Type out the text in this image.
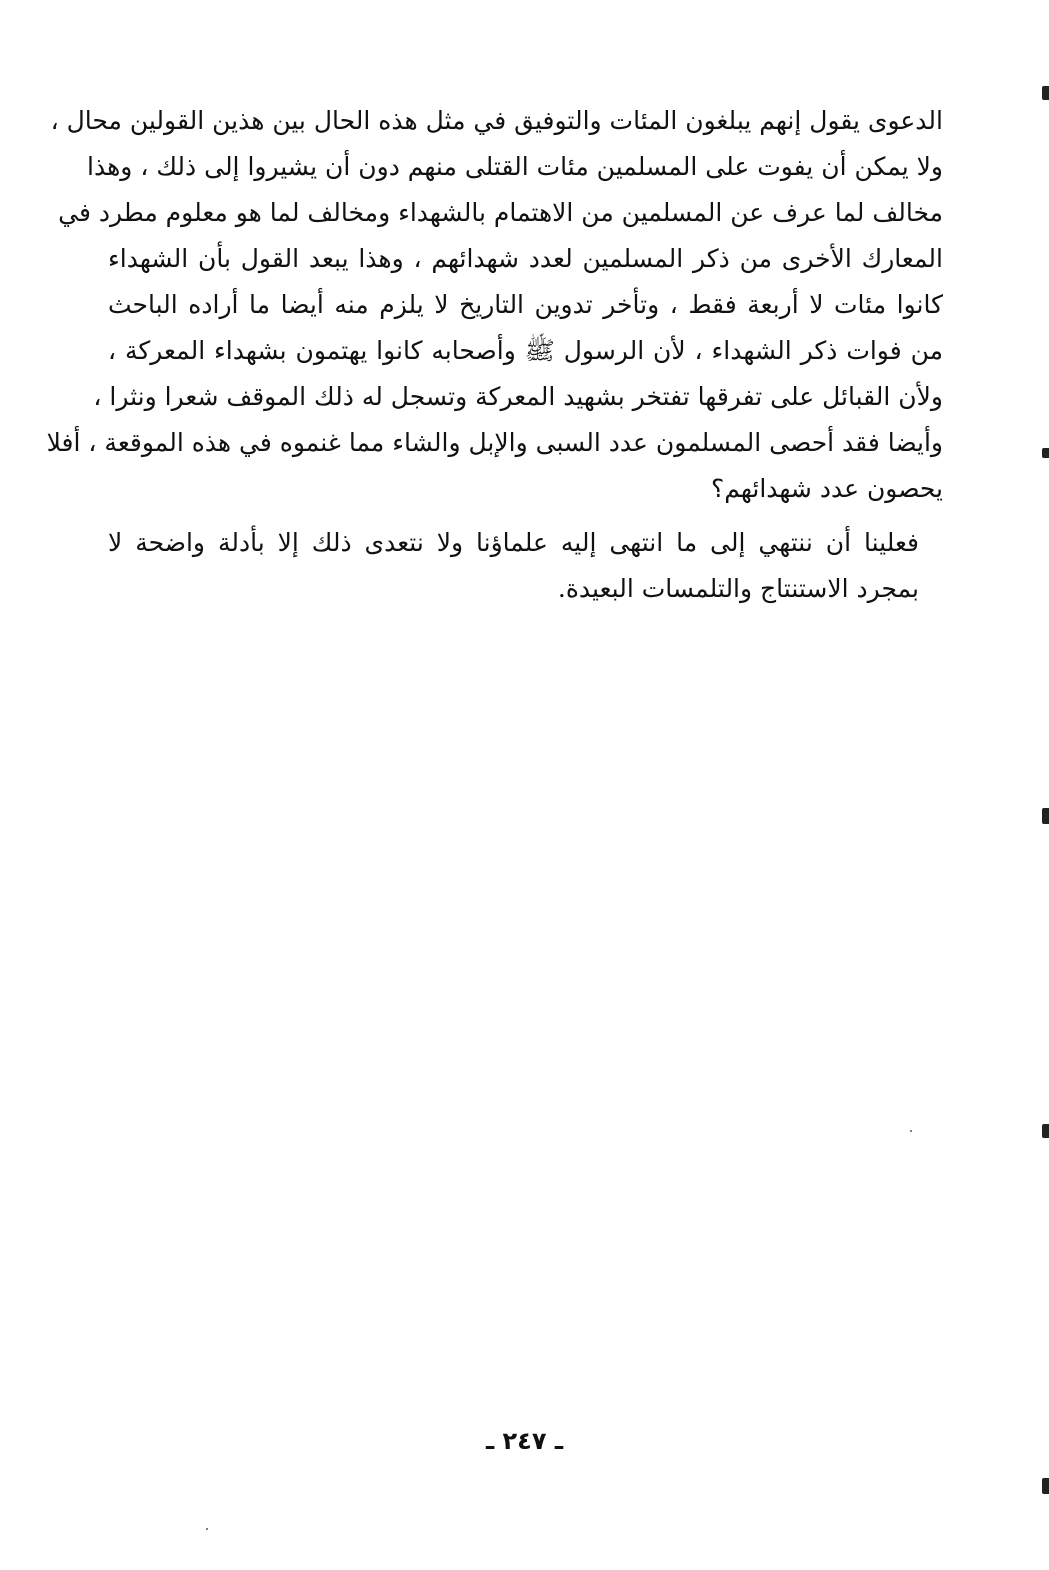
الدعوى يقول إنهم يبلغون المئات والتوفيق في مثل هذه الحال بين هذين القولين محال ،
ولا يمكن أن يفوت على المسلمين مئات القتلى منهم دون أن يشيروا إلى ذلك ، وهذا
مخالف لما عرف عن المسلمين من الاهتمام بالشهداء ومخالف لما هو معلوم مطرد في
المعارك الأخرى من ذكر المسلمين لعدد شهدائهم ، وهذا يبعد القول بأن الشهداء
كانوا مئات لا أربعة فقط ، وتأخر تدوين التاريخ لا يلزم منه أيضا ما أراده الباحث
من فوات ذكر الشهداء ، لأن الرسول ﷺ وأصحابه كانوا يهتمون بشهداء المعركة ،
ولأن القبائل على تفرقها تفتخر بشهيد المعركة وتسجل له ذلك الموقف شعرا ونثرا ،
وأيضا فقد أحصى المسلمون عدد السبى والإبل والشاء مما غنموه في هذه الموقعة ، أفلا
يحصون عدد شهدائهم؟

فعلينا أن ننتهي إلى ما انتهى إليه علماؤنا ولا نتعدى ذلك إلا بأدلة واضحة لا
بمجرد الاستنتاج والتلمسات البعيدة.

ـ ٢٤٧ ـ
